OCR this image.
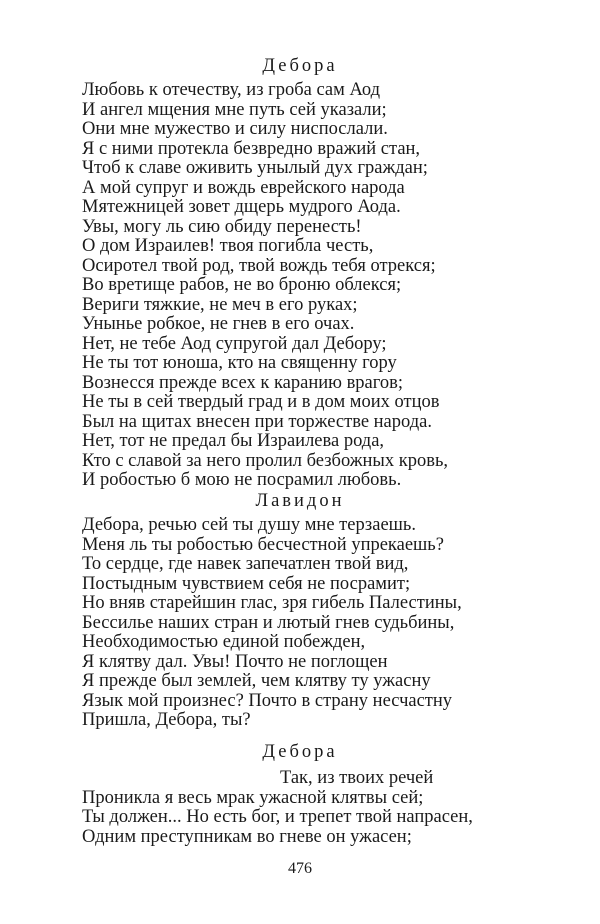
Дебора
Любовь к отечеству, из гроба сам Аод
И ангел мщения мне путь сей указали;
Они мне мужество и силу ниспослали.
Я с ними протекла безвредно вражий стан,
Чтоб к славе оживить унылый дух граждан;
А мой супруг и вождь еврейского народа
Мятежницей зовет дщерь мудрого Аода.
Увы, могу ль сию обиду перенесть!
О дом Израилев! твоя погибла честь,
Осиротел твой род, твой вождь тебя отрекся;
Во вретище рабов, не во броню облекся;
Вериги тяжкие, не меч в его руках;
Унынье робкое, не гнев в его очах.
Нет, не тебе Аод супругой дал Дебору;
Не ты тот юноша, кто на священну гору
Вознесся прежде всех к каранию врагов;
Не ты в сей твердый град и в дом моих отцов
Был на щитах внесен при торжестве народа.
Нет, тот не предал бы Израилева рода,
Кто с славой за него пролил безбожных кровь,
И робостью б мою не посрамил любовь.
Лавидон
Дебора, речью сей ты душу мне терзаешь.
Меня ль ты робостью бесчестной упрекаешь?
То сердце, где навек запечатлен твой вид,
Постыдным чувствием себя не посрамит;
Но вняв старейшин глас, зря гибель Палестины,
Бессилье наших стран и лютый гнев судьбины,
Необходимостью единой побежден,
Я клятву дал. Увы! Почто не поглощен
Я прежде был землей, чем клятву ту ужасну
Язык мой произнес? Почто в страну несчастну
Пришла, Дебора, ты?
Дебора
Так, из твоих речей
Проникла я весь мрак ужасной клятвы сей;
Ты должен... Но есть бог, и трепет твой напрасен,
Одним преступникам во гневе он ужасен;
476
